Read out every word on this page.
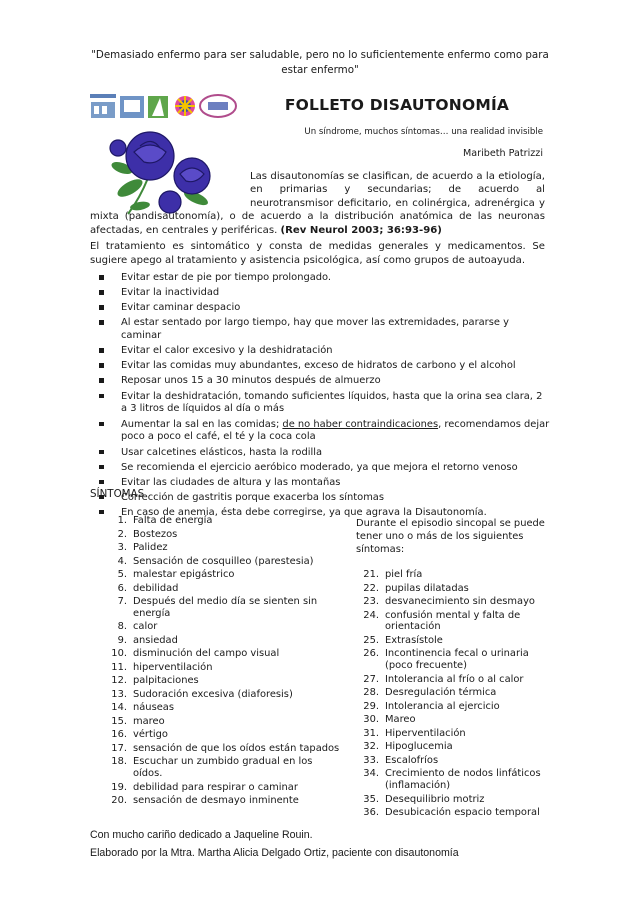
"Demasiado enfermo para ser saludable, pero no lo suficientemente enfermo como para estar enfermo"
FOLLETO DISAUTONOMÍA
Un síndrome, muchos síntomas… una realidad invisible
Maribeth Patrizzi
Las disautonomías se clasifican, de acuerdo a la etiología, en primarias y secundarias; de acuerdo al neurotransmisor deficitario, en colinérgica, adrenérgica y mixta (pandisautonomía), o de acuerdo a la distribución anatómica de las neuronas afectadas, en centrales y periféricas. (Rev Neurol 2003; 36:93-96)
El tratamiento es sintomático y consta de medidas generales y medicamentos. Se sugiere apego al tratamiento y asistencia psicológica, así como grupos de autoayuda.
Evitar estar de pie por tiempo prolongado.
Evitar la inactividad
Evitar caminar despacio
Al estar sentado por largo tiempo, hay que mover las extremidades, pararse y caminar
Evitar el calor excesivo y la deshidratación
Evitar las comidas muy abundantes, exceso de hidratos de carbono y el alcohol
Reposar unos 15 a 30 minutos después de almuerzo
Evitar la deshidratación, tomando suficientes líquidos, hasta que la orina sea clara, 2 a 3 litros de líquidos al día o más
Aumentar la sal en las comidas; de no haber contraindicaciones, recomendamos dejar poco a poco el café, el té y la coca cola
Usar calcetines elásticos, hasta la rodilla
Se recomienda el ejercicio aeróbico moderado, ya que mejora el retorno venoso
Evitar las ciudades de altura y las montañas
Corrección de gastritis porque exacerba los síntomas
En caso de anemia, ésta debe corregirse, ya que agrava la Disautonomía.
SÍNTOMAS
1. Falta de energía
2. Bostezos
3. Palidez
4. Sensación de cosquilleo (parestesia)
5. malestar epigástrico
6. debilidad
7. Después del medio día se sienten sin energía
8. calor
9. ansiedad
10. disminución del campo visual
11. hiperventilación
12. palpitaciones
13. Sudoración excesiva (diaforesis)
14. náuseas
15. mareo
16. vértigo
17. sensación de que los oídos están tapados
18. Escuchar un zumbido gradual en los oídos.
19. debilidad para respirar o caminar
20. sensación de desmayo inminente
Durante el episodio sincopal se puede tener uno o más de los siguientes síntomas:
21. piel fría
22. pupilas dilatadas
23. desvanecimiento sin desmayo
24. confusión mental y falta de orientación
25. Extrasístole
26. Incontinencia fecal o urinaria (poco frecuente)
27. Intolerancia al frío o al calor
28. Desregulación térmica
29. Intolerancia al ejercicio
30. Mareo
31. Hiperventilación
32. Hipoglucemia
33. Escalofríos
34. Crecimiento de nodos linfáticos (inflamación)
35. Desequilibrio motriz
36. Desubicación espacio temporal
Con mucho cariño dedicado a Jaqueline Rouin.
Elaborado por la Mtra. Martha Alicia Delgado Ortiz, paciente con disautonomía
